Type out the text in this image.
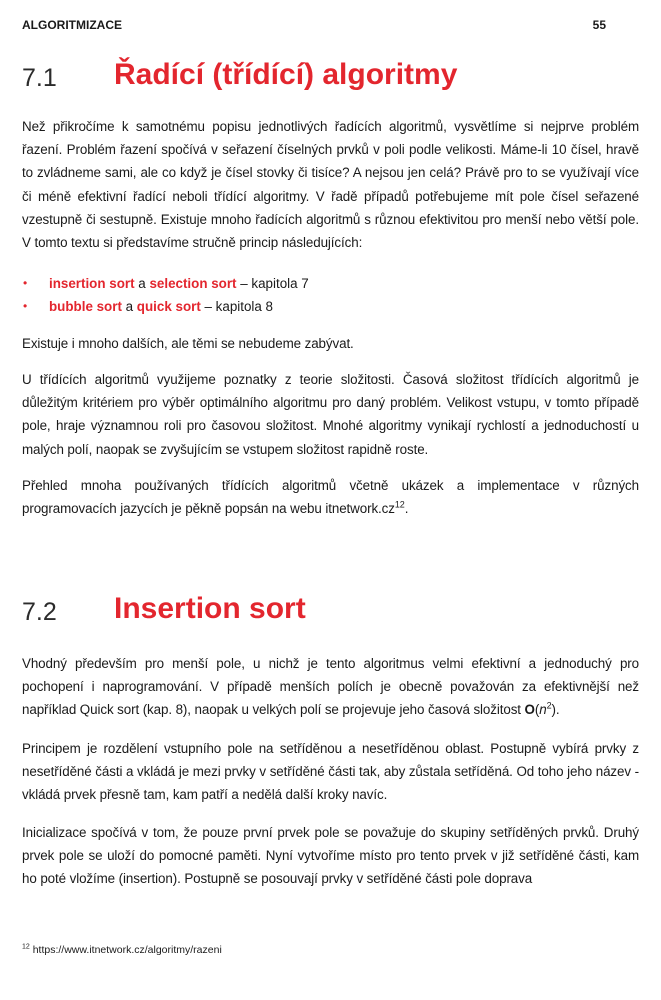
ALGORITMIZACE	55
7.1 Řadící (třídící) algoritmy

Než přikročíme k samotnému popisu jednotlivých řadících algoritmů, vysvětlíme si nejprve problém řazení. Problém řazení spočívá v seřazení číselných prvků v poli podle velikosti. Máme-li 10 čísel, hravě to zvládneme sami, ale co když je čísel stovky či tisíce? A nejsou jen celá? Právě pro to se využívají více či méně efektivní řadící neboli třídící algoritmy. V řadě případů potřebujeme mít pole čísel seřazené vzestupně či sestupně. Existuje mnoho řadících algoritmů s různou efektivitou pro menší nebo větší pole. V tomto textu si představíme stručně princip následujících:

• insertion sort a selection sort – kapitola 7
• bubble sort a quick sort – kapitola 8

Existuje i mnoho dalších, ale těmi se nebudeme zabývat.

U třídících algoritmů využijeme poznatky z teorie složitosti. Časová složitost třídících algoritmů je důležitým kritériem pro výběr optimálního algoritmu pro daný problém. Velikost vstupu, v tomto případě pole, hraje významnou roli pro časovou složitost. Mnohé algoritmy vynikají rychlostí a jednoduchostí u malých polí, naopak se zvyšujícím se vstupem složitost rapidně roste.

Přehled mnoha používaných třídících algoritmů včetně ukázek a implementace v různých programovacích jazycích je pěkně popsán na webu $itnetwork.cz^{12}$.

7.2 Insertion sort

Vhodný především pro menší pole, u nichž je tento algoritmus velmi efektivní a jednoduchý pro pochopení i naprogramování. V případě menších polích je obecně považován za efektivnější než například Quick sort (kap. 8), naopak u velkých polí se projevuje jeho časová složitost $O(n^2)$.

Principem je rozdělení vstupního pole na setříděnou a nesetříděnou oblast. Postupně vybírá prvky z nesetříděné části a vkládá je mezi prvky v setříděné části tak, aby zůstala setříděná. Od toho jeho název - vkládá prvek přesně tam, kam patří a nedělá další kroky navíc.

Inicializace spočívá v tom, že pouze první prvek pole se považuje do skupiny setříděných prvků. Druhý prvek pole se uloží do pomocné paměti. Nyní vytvoříme místo pro tento prvek v již setříděné části, kam ho poté vložíme (insertion). Postupně se posouvají prvky v setříděné části pole doprava

$^{12}$ https://www.itnetwork.cz/algoritmy/razeni
